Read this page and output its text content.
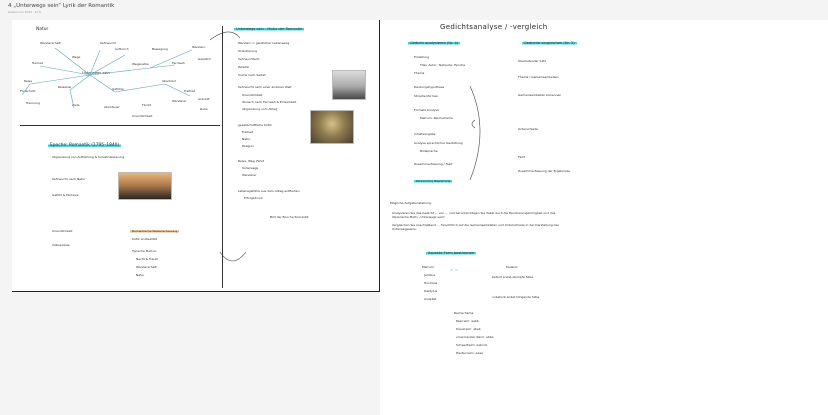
4 „Unterwegs sein“ Lyrik der Romantik
Gestern um 10:53 · 12 S.
Natur
Unterwegs sein
Wanderschaft	Sehnsucht
Aufbruch
Heimat
Wege
Wegenetze
Bewegung
Fernweh
Wandern
Geistlich
Reise
Fortschritt
Reiseziel	Gefühle
Abschied
Freiheit
Trennung	Ziele	Abenteuer	Flucht
Wanderer	Ankunft
Ruhe
Unendlichkeit
Epoche: Romantik (1795–1840)
Abgrenzung von Aufklärung & Industrialisierung
Sehnsucht nach Natur
Gefühl & Fantasie
Unendlichkeit
Volkspoesie
Romantische Weltanschauung
Kritik an Realität
Typische Motive:
Nacht & Traum
Wanderschaft
Natur
Unterwegs sein - Motiv der Romantik
Wandern = geistlicher Lebensweg
Orientierung
Sehnsuchtsort
Zweifel
Suche nach Selbst
Sehnsucht nach einer anderen Welt
Unendlichkeit
Wunsch nach Fernweh & Einsamkeit
Abgrenzung vom Alltag
gesellschaftliche Kritik
Freiheit
Natur
Religion
Reise, Weg, Fahrt
Unterwegs
Wanderer
Lebensgefühle aus dem Alltag entfliehen
Erfolgsdruck
Bild der Epoche Romantik
Gedichtsanalyse / -vergleich
Gedicht analysieren (Nr. 4)
Einleitung
Titel, Autor, Textsorte, Epoche
Thema
Deutungshypothese
Strophenformen
Formale Analyse
Metrum, Reimschema
Inhaltsangabe
Analyse sprachlicher Gestaltung
Bildsprache
Zusammenfassung / Fazit
Persönliche Bewertung
Gedichte vergleichen (Nr. 2)
Überleitender Satz
Thema / Gemeinsamkeiten
Gemeinsamkeiten benennen
Unterschiede
Fazit
Zusammenfassung der Ergebnisse
Mögliche Aufgabenstellung:
Analysieren Sie das Gedicht ... von ... und berücksichtigen Sie dabei auch die Epochenzugehörigkeit und das literarische Motiv „Unterwegs sein“.
Vergleichen Sie anschließend ... hinsichtlich auf die Gemeinsamkeiten und Unterschiede in der Darstellung des Unterwegsseins.
Aspekte Form bestimmen
Metrum:
Jambus
Trochäus
Daktylus
Anapäst
Kadenz:
betont endet stumpfe Silbe
unbetont endet klingende Silbe
Reimschema:
Paarreim: aabb
Kreuzreim: abab
umarmender Reim: abba
Schweifreim: aabccb
Haufenreim: aaaa
